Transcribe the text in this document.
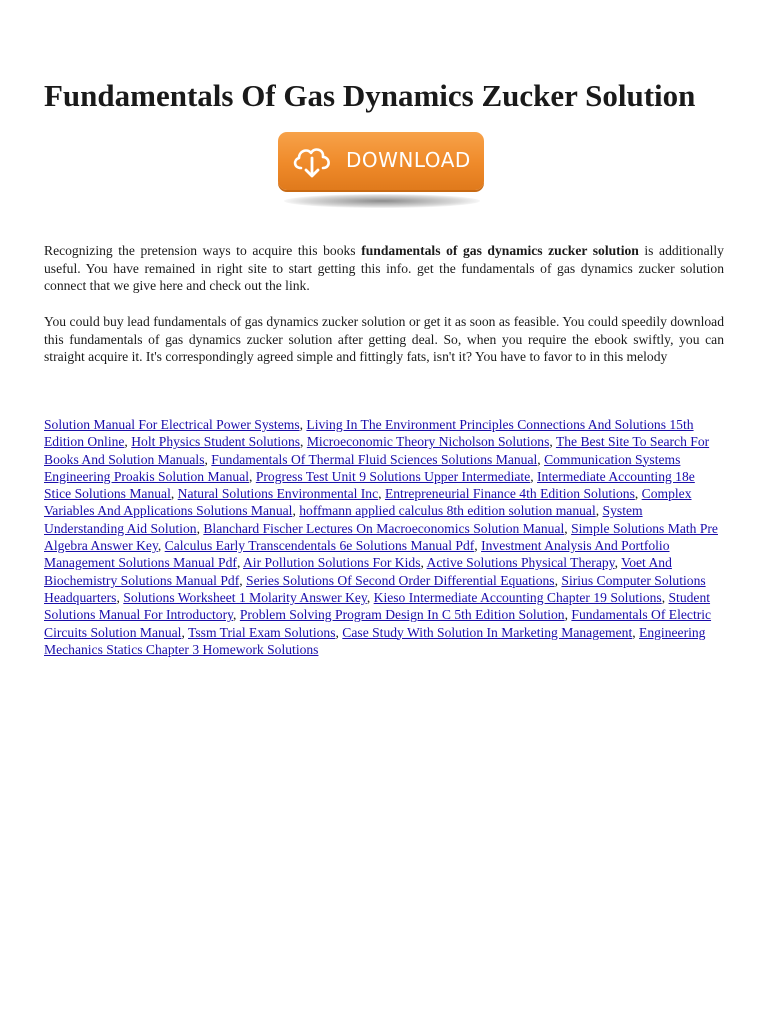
Fundamentals Of Gas Dynamics Zucker Solution
DOWNLOAD

Recognizing the pretension ways to acquire this books fundamentals of gas dynamics zucker solution is additionally useful. You have remained in right site to start getting this info. get the fundamentals of gas dynamics zucker solution connect that we give here and check out the link.

You could buy lead fundamentals of gas dynamics zucker solution or get it as soon as feasible. You could speedily download this fundamentals of gas dynamics zucker solution after getting deal. So, when you require the ebook swiftly, you can straight acquire it. It's correspondingly agreed simple and fittingly fats, isn't it? You have to favor to in this melody

Solution Manual For Electrical Power Systems, Living In The Environment Principles Connections And Solutions 15th Edition Online, Holt Physics Student Solutions, Microeconomic Theory Nicholson Solutions, The Best Site To Search For Books And Solution Manuals, Fundamentals Of Thermal Fluid Sciences Solutions Manual, Communication Systems Engineering Proakis Solution Manual, Progress Test Unit 9 Solutions Upper Intermediate, Intermediate Accounting 18e Stice Solutions Manual, Natural Solutions Environmental Inc, Entrepreneurial Finance 4th Edition Solutions, Complex Variables And Applications Solutions Manual, hoffmann applied calculus 8th edition solution manual, System Understanding Aid Solution, Blanchard Fischer Lectures On Macroeconomics Solution Manual, Simple Solutions Math Pre Algebra Answer Key, Calculus Early Transcendentals 6e Solutions Manual Pdf, Investment Analysis And Portfolio Management Solutions Manual Pdf, Air Pollution Solutions For Kids, Active Solutions Physical Therapy, Voet And Biochemistry Solutions Manual Pdf, Series Solutions Of Second Order Differential Equations, Sirius Computer Solutions Headquarters, Solutions Worksheet 1 Molarity Answer Key, Kieso Intermediate Accounting Chapter 19 Solutions, Student Solutions Manual For Introductory, Problem Solving Program Design In C 5th Edition Solution, Fundamentals Of Electric Circuits Solution Manual, Tssm Trial Exam Solutions, Case Study With Solution In Marketing Management, Engineering Mechanics Statics Chapter 3 Homework Solutions
